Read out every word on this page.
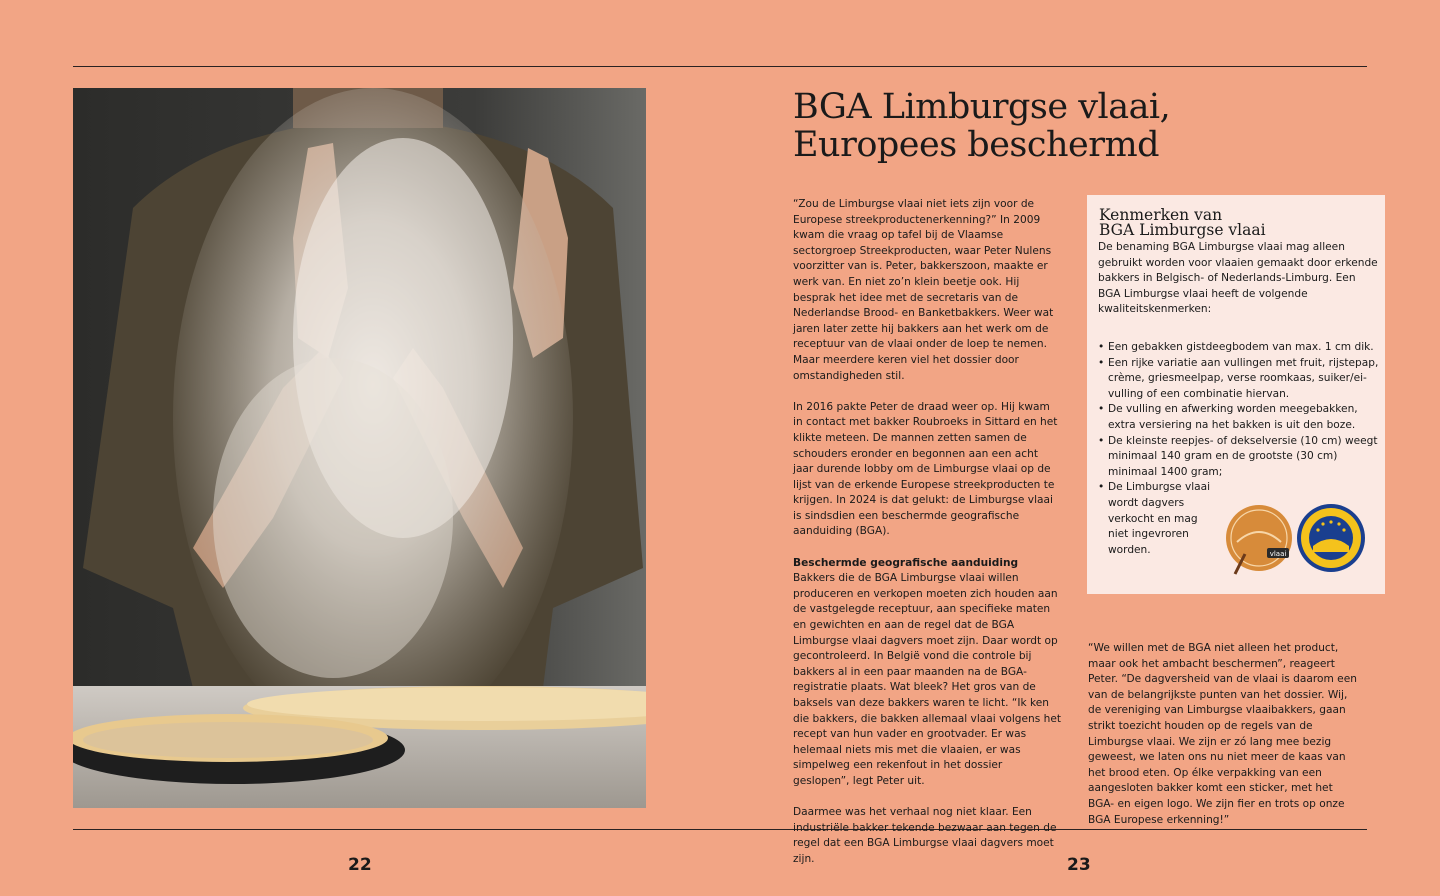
BGA Limburgse vlaai,
Europees beschermd

“Zou de Limburgse vlaai niet iets zijn voor de Europese streekproductenerkenning?” In 2009 kwam die vraag op tafel bij de Vlaamse sectorgroep Streekproducten, waar Peter Nulens voorzitter van is. Peter, bakkerszoon, maakte er werk van. En niet zo’n klein beetje ook. Hij besprak het idee met de secretaris van de Nederlandse Brood- en Banketbakkers. Weer wat jaren later zette hij bakkers aan het werk om de receptuur van de vlaai onder de loep te nemen. Maar meerdere keren viel het dossier door omstandigheden stil.

In 2016 pakte Peter de draad weer op. Hij kwam in contact met bakker Roubroeks in Sittard en het klikte meteen. De mannen zetten samen de schouders eronder en begonnen aan een acht jaar durende lobby om de Limburgse vlaai op de lijst van de erkende Europese streekproducten te krijgen. In 2024 is dat gelukt: de Limburgse vlaai is sindsdien een beschermde geografische aanduiding (BGA).

Beschermde geografische aanduiding
Bakkers die de BGA Limburgse vlaai willen produceren en verkopen moeten zich houden aan de vastgelegde receptuur, aan specifieke maten en gewichten en aan de regel dat de BGA Limburgse vlaai dagvers moet zijn. Daar wordt op gecontroleerd. In België vond die controle bij bakkers al in een paar maanden na de BGA-registratie plaats. Wat bleek? Het gros van de baksels van deze bakkers waren te licht. “Ik ken die bakkers, die bakken allemaal vlaai volgens het recept van hun vader en grootvader. Er was helemaal niets mis met die vlaaien, er was simpelweg een rekenfout in het dossier geslopen”, legt Peter uit.

Daarmee was het verhaal nog niet klaar. Een industriële bakker tekende bezwaar aan tegen de regel dat een BGA Limburgse vlaai dagvers moet zijn.

Kenmerken van
BGA Limburgse vlaai
De benaming BGA Limburgse vlaai mag alleen gebruikt worden voor vlaaien gemaakt door erkende bakkers in Belgisch- of Nederlands-Limburg. Een BGA Limburgse vlaai heeft de volgende kwaliteitskenmerken:
• Een gebakken gistdeegbodem van max. 1 cm dik.
• Een rijke variatie aan vullingen met fruit, rijstepap, crème, griesmeelpap, verse roomkaas, suiker/ei-vulling of een combinatie hiervan.
• De vulling en afwerking worden meegebakken, extra versiering na het bakken is uit den boze.
• De kleinste reepjes- of dekselversie (10 cm) weegt minimaal 140 gram en de grootste (30 cm) minimaal 1400 gram;
• De Limburgse vlaai wordt dagvers verkocht en mag niet ingevroren worden.	vlaai

“We willen met de BGA niet alleen het product, maar ook het ambacht beschermen”, reageert Peter. “De dagversheid van de vlaai is daarom een van de belangrijkste punten van het dossier. Wij, de vereniging van Limburgse vlaaibakkers, gaan strikt toezicht houden op de regels van de Limburgse vlaai. We zijn er zó lang mee bezig geweest, we laten ons nu niet meer de kaas van het brood eten. Op élke verpakking van een aangesloten bakker komt een sticker, met het BGA- en eigen logo. We zijn fier en trots op onze BGA Europese erkenning!”

22	23
